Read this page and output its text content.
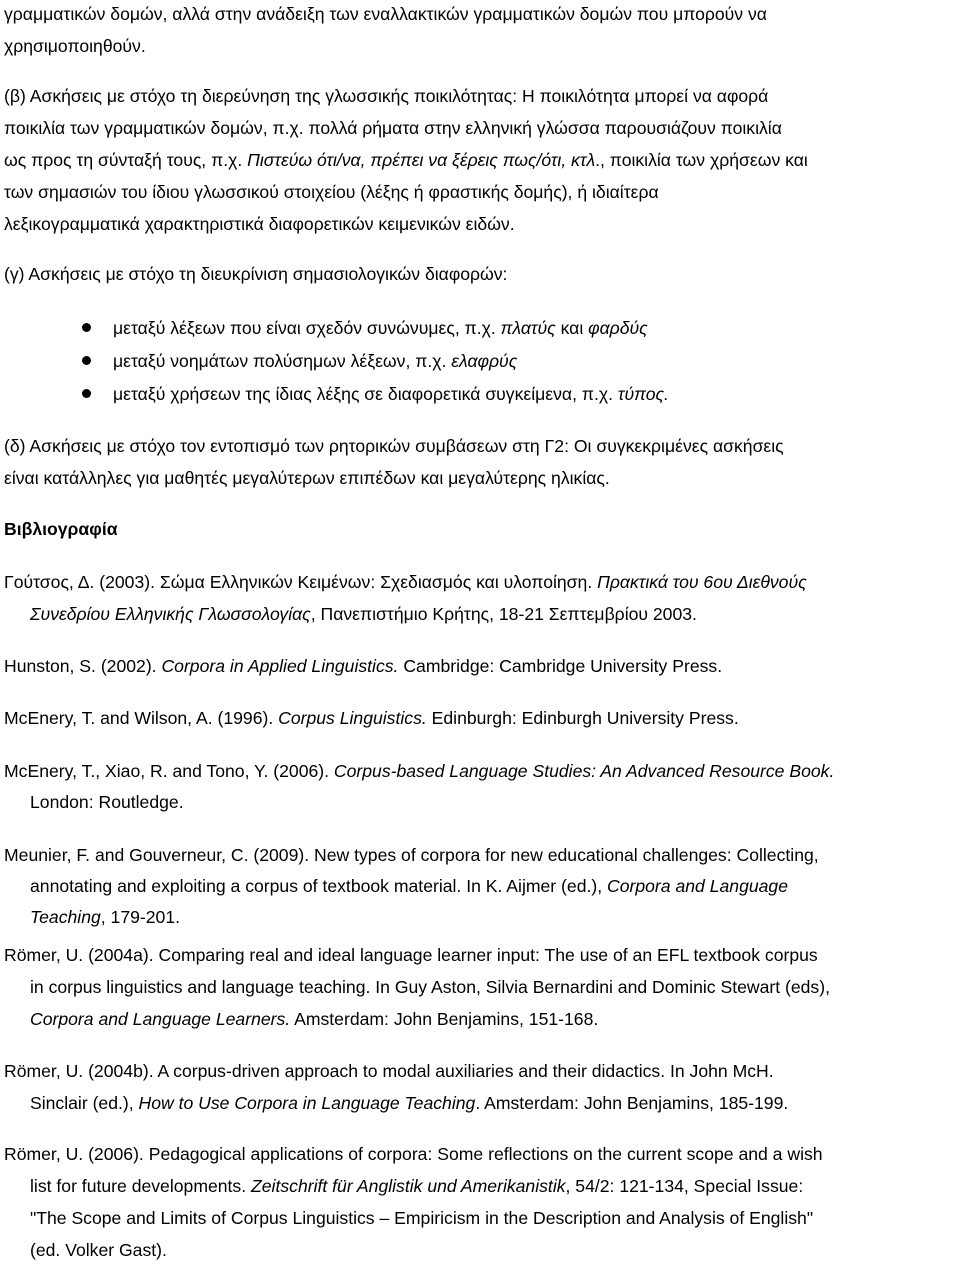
γραμματικών δομών, αλλά στην ανάδειξη των εναλλακτικών γραμματικών δομών που μπορούν να
χρησιμοποιηθούν.
(β) Ασκήσεις με στόχο τη διερεύνηση της γλωσσικής ποικιλότητας: Η ποικιλότητα μπορεί να αφορά
ποικιλία των γραμματικών δομών, π.χ. πολλά ρήματα στην ελληνική γλώσσα παρουσιάζουν ποικιλία
ως προς τη σύνταξή τους, π.χ. Πιστεύω ότι/να, πρέπει να ξέρεις πως/ότι, κτλ., ποικιλία των χρήσεων και
των σημασιών του ίδιου γλωσσικού στοιχείου (λέξης ή φραστικής δομής), ή ιδιαίτερα
λεξικογραμματικά χαρακτηριστικά διαφορετικών κειμενικών ειδών.
(γ) Ασκήσεις με στόχο τη διευκρίνιση σημασιολογικών διαφορών:
μεταξύ λέξεων που είναι σχεδόν συνώνυμες, π.χ. πλατύς και φαρδύς
μεταξύ νοημάτων πολύσημων λέξεων, π.χ. ελαφρύς
μεταξύ χρήσεων της ίδιας λέξης σε διαφορετικά συγκείμενα, π.χ. τύπος.
(δ) Ασκήσεις με στόχο τον εντοπισμό των ρητορικών συμβάσεων στη Γ2: Οι συγκεκριμένες ασκήσεις
είναι κατάλληλες για μαθητές μεγαλύτερων επιπέδων και μεγαλύτερης ηλικίας.
Βιβλιογραφία
Γούτσος, Δ. (2003). Σώμα Ελληνικών Κειμένων: Σχεδιασμός και υλοποίηση. Πρακτικά του 6ου Διεθνούς
Συνεδρίου Ελληνικής Γλωσσολογίας, Πανεπιστήμιο Κρήτης, 18-21 Σεπτεμβρίου 2003.
Hunston, S. (2002). Corpora in Applied Linguistics. Cambridge: Cambridge University Press.
McEnery, T. and Wilson, A. (1996). Corpus Linguistics. Edinburgh: Edinburgh University Press.
McEnery, T., Xiao, R. and Tono, Y. (2006). Corpus-based Language Studies: An Advanced Resource Book.
London: Routledge.
Meunier, F. and Gouverneur, C. (2009). New types of corpora for new educational challenges: Collecting,
annotating and exploiting a corpus of textbook material. In K. Aijmer (ed.), Corpora and Language
Teaching, 179-201.
Römer, U. (2004a). Comparing real and ideal language learner input: The use of an EFL textbook corpus
in corpus linguistics and language teaching. In Guy Aston, Silvia Bernardini and Dominic Stewart (eds),
Corpora and Language Learners. Amsterdam: John Benjamins, 151-168.
Römer, U. (2004b). A corpus-driven approach to modal auxiliaries and their didactics. In John McH.
Sinclair (ed.), How to Use Corpora in Language Teaching. Amsterdam: John Benjamins, 185-199.
Römer, U. (2006). Pedagogical applications of corpora: Some reflections on the current scope and a wish
list for future developments. Zeitschrift für Anglistik und Amerikanistik, 54/2: 121-134, Special Issue:
"The Scope and Limits of Corpus Linguistics – Empiricism in the Description and Analysis of English"
(ed. Volker Gast).
